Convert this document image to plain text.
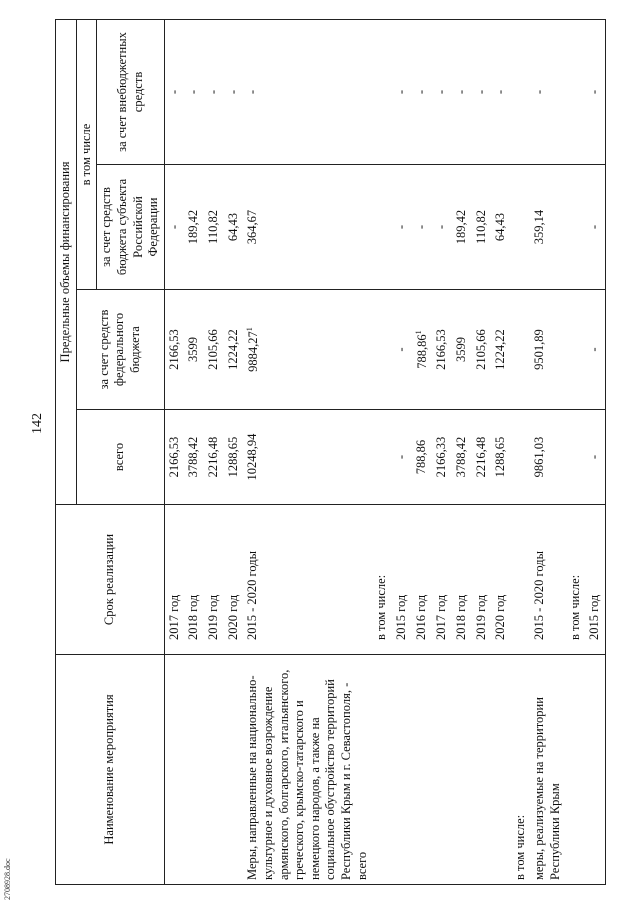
142
Наименование мероприятия	Срок реализации	Предельные объемы финансирования			
		всего	за счет средств федерального бюджета	в том числе	
				за счет средств бюджета субъекта Российской Федерации	за счет внебюджетных средств
	2017 год	2166,53	2166,53	-	-
	2018 год	3788,42	3599	189,42	-
	2019 год	2216,48	2105,66	110,82	-
	2020 год	1288,65	1224,22	64,43	-
Меры, направленные на национально-культурное и духовное возрождение армянского, болгарского, итальянского, греческого, крымско-татарского и немецкого народов, а также на социальное обустройство территорий Республики Крым и г. Севастополя, - всего	2015 - 2020 годы	10248,94	9884,27$^1$	364,67	-
	в том числе:				
	2015 год	-	-	-	-
	2016 год	788,86	788,86$^1$	-	-
	2017 год	2166,33	2166,53	-	-
	2018 год	3788,42	3599	189,42	-
	2019 год	2216,48	2105,66	110,82	-
	2020 год	1288,65	1224,22	64,43	-
в том числе:					
меры, реализуемые на территории Республики Крым	2015 - 2020 годы	9861,03	9501,89	359,14	-
	в том числе:				
	2015 год	-	-	-	-
2708928.doc
